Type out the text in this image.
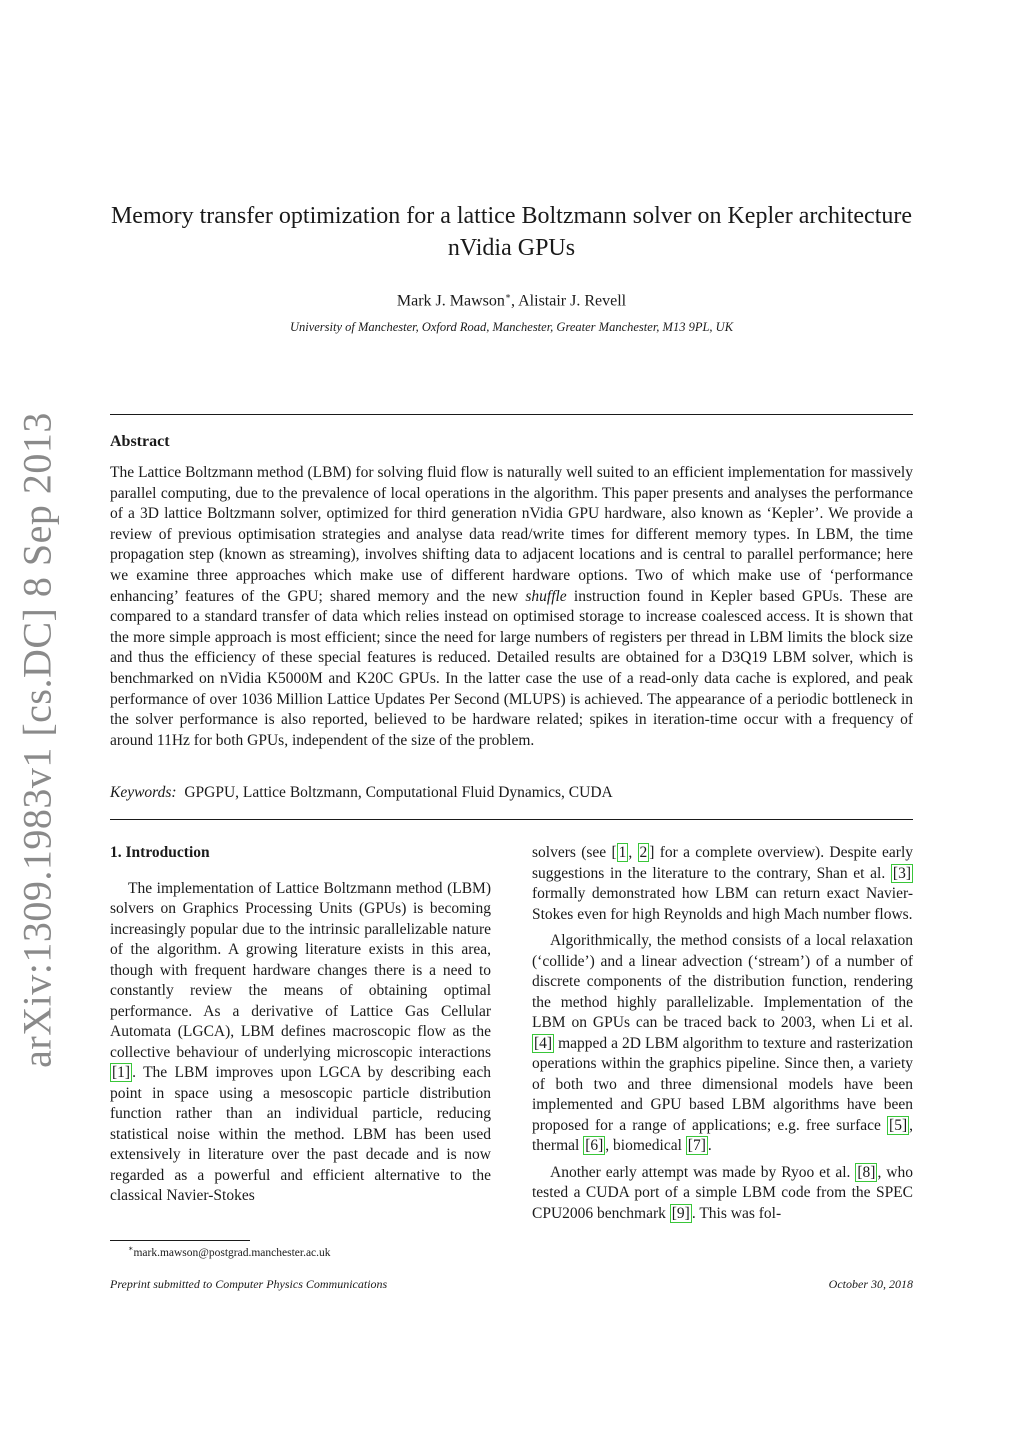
arXiv:1309.1983v1 [cs.DC] 8 Sep 2013
Memory transfer optimization for a lattice Boltzmann solver on Kepler architecture nVidia GPUs
Mark J. Mawson∗, Alistair J. Revell
University of Manchester, Oxford Road, Manchester, Greater Manchester, M13 9PL, UK
Abstract

The Lattice Boltzmann method (LBM) for solving fluid flow is naturally well suited to an efficient implementation for massively parallel computing, due to the prevalence of local operations in the algorithm. This paper presents and analyses the performance of a 3D lattice Boltzmann solver, optimized for third generation nVidia GPU hardware, also known as ‘Kepler’. We provide a review of previous optimisation strategies and analyse data read/write times for different memory types. In LBM, the time propagation step (known as streaming), involves shifting data to adjacent locations and is central to parallel performance; here we examine three approaches which make use of different hardware options. Two of which make use of ‘performance enhancing’ features of the GPU; shared memory and the new shuffle instruction found in Kepler based GPUs. These are compared to a standard transfer of data which relies instead on optimised storage to increase coalesced access. It is shown that the more simple approach is most efficient; since the need for large numbers of registers per thread in LBM limits the block size and thus the efficiency of these special features is reduced. Detailed results are obtained for a D3Q19 LBM solver, which is benchmarked on nVidia K5000M and K20C GPUs. In the latter case the use of a read-only data cache is explored, and peak performance of over 1036 Million Lattice Updates Per Second (MLUPS) is achieved. The appearance of a periodic bottleneck in the solver performance is also reported, believed to be hardware related; spikes in iteration-time occur with a frequency of around 11Hz for both GPUs, independent of the size of the problem.

Keywords: GPGPU, Lattice Boltzmann, Computational Fluid Dynamics, CUDA
1. Introduction

The implementation of Lattice Boltzmann method (LBM) solvers on Graphics Processing Units (GPUs) is becoming increasingly popular due to the intrinsic parallelizable nature of the algorithm. A growing literature exists in this area, though with frequent hardware changes there is a need to constantly review the means of obtaining optimal performance. As a derivative of Lattice Gas Cellular Automata (LGCA), LBM defines macroscopic flow as the collective behaviour of underlying microscopic interactions [1] . The LBM improves upon LGCA by describing each point in space using a mesoscopic particle distribution function rather than an individual particle, reducing statistical noise within the method. LBM has been used extensively in literature over the past decade and is now regarded as a powerful and efficient alternative to the classical Navier-Stokes

solvers (see [ 1 , 2 ] for a complete overview). Despite early suggestions in the literature to the contrary, Shan et al. [3] formally demonstrated how LBM can return exact Navier-Stokes even for high Reynolds and high Mach number flows.

Algorithmically, the method consists of a local relaxation (‘collide’) and a linear advection (‘stream’) of a number of discrete components of the distribution function, rendering the method highly parallelizable. Implementation of the LBM on GPUs can be traced back to 2003, when Li et al. [4] mapped a 2D LBM algorithm to texture and rasterization operations within the graphics pipeline. Since then, a variety of both two and three dimensional models have been implemented and GPU based LBM algorithms have been proposed for a range of applications; e.g. free surface [5] , thermal [6] , biomedical [7] .

Another early attempt was made by Ryoo et al. [8] , who tested a CUDA port of a simple LBM code from the SPEC CPU2006 benchmark [9] . This was fol-

∗mark.mawson@postgrad.manchester.ac.uk
Preprint submitted to Computer Physics Communications	October 30, 2018
